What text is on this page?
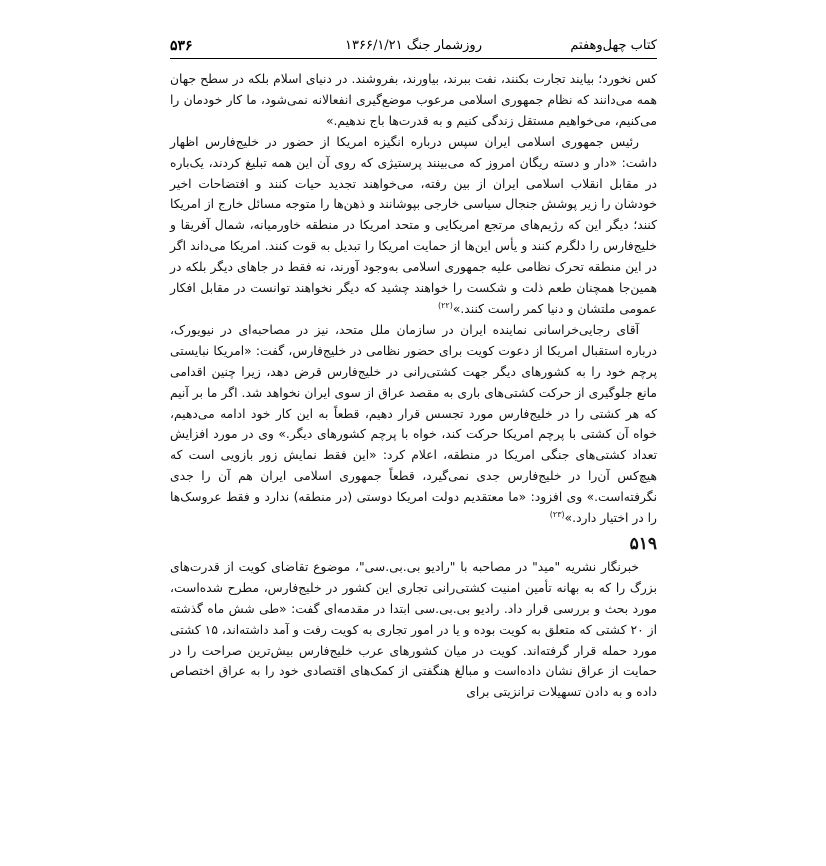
کتاب چهل‌وهفتم
روزشمار جنگ ۱۳۶۶/۱/۲۱
۵۳۶

کس نخورد؛ بیایند تجارت بکنند، نفت ببرند، بیاورند، بفروشند. در دنیای اسلام بلکه در سطح جهان همه می‌دانند که نظام جمهوری اسلامی مرعوب موضع‌گیری انفعالانه نمی‌شود، ما کار خودمان را می‌کنیم، می‌خواهیم مستقل زندگی کنیم و به قدرت‌ها باج ندهیم.»

رئیس جمهوری اسلامی ایران سپس درباره انگیزه امریکا از حضور در خلیج‌فارس اظهار داشت: «دار و دسته ریگان امروز که می‌بینند پرستیژی که روی آن این همه تبلیغ کردند، یک‌باره در مقابل انقلاب اسلامی ایران از بین رفته، می‌خواهند تجدید حیات کنند و افتضاحات اخیر خودشان را زیر پوشش جنجال سیاسی خارجی بپوشانند و ذهن‌ها را متوجه مسائل خارج از امریکا کنند؛ دیگر این که رژیم‌های مرتجع امریکایی و متحد امریکا در منطقه خاورمیانه، شمال آفریقا و خلیج‌فارس را دلگرم کنند و یأس این‌ها از حمایت امریکا را تبدیل به قوت کنند. امریکا می‌داند اگر در این منطقه تحرک نظامی علیه جمهوری اسلامی به‌وجود آورند، نه فقط در جاهای دیگر بلکه در همین‌جا همچنان طعم ذلت و شکست را خواهند چشید که دیگر نخواهند توانست در مقابل افکار عمومی ملتشان و دنیا کمر راست کنند.»$^{(۲۲)}$

آقای رجایی‌خراسانی نماینده ایران در سازمان ملل متحد، نیز در مصاحبه‌ای در نیویورک، درباره استقبال امریکا از دعوت کویت برای حضور نظامی در خلیج‌فارس، گفت: «امریکا نبایستی پرچم خود را به کشورهای دیگر جهت کشتی‌رانی در خلیج‌فارس قرض دهد، زیرا چنین اقدامی مانع جلوگیری از حرکت کشتی‌های باری به مقصد عراق از سوی ایران نخواهد شد. اگر ما بر آنیم که هر کشتی را در خلیج‌فارس مورد تجسس قرار دهیم، قطعاً به این کار خود ادامه می‌دهیم، خواه آن کشتی با پرچم امریکا حرکت کند، خواه با پرچم کشورهای دیگر.» وی در مورد افزایش تعداد کشتی‌های جنگی امریکا در منطقه، اعلام کرد: «این فقط نمایش زور بازویی است که هیچ‌کس آن‌را در خلیج‌فارس جدی نمی‌گیرد، قطعاً جمهوری اسلامی ایران هم آن را جدی نگرفته‌است.» وی افزود: «ما معتقدیم دولت امریکا دوستی (در منطقه) ندارد و فقط عروسک‌ها را در اختیار دارد.»$^{(۲۳)}$

۵۱۹

خبرنگار نشریه "مید" در مصاحبه با "رادیو بی.بی.سی"، موضوع تقاضای کویت از قدرت‌های بزرگ را که به بهانه تأمین امنیت کشتی‌رانی تجاری این کشور در خلیج‌فارس، مطرح شده‌است، مورد بحث و بررسی قرار داد. رادیو بی.بی.سی ابتدا در مقدمه‌ای گفت: «طی شش ماه گذشته از ۲۰ کشتی که متعلق به کویت بوده و یا در امور تجاری به کویت رفت و آمد داشته‌اند، ۱۵ کشتی مورد حمله قرار گرفته‌اند. کویت در میان کشورهای عرب خلیج‌فارس بیش‌ترین صراحت را در حمایت از عراق نشان داده‌است و مبالغ هنگفتی از کمک‌های اقتصادی خود را به عراق اختصاص داده و به دادن تسهیلات ترانزیتی برای
